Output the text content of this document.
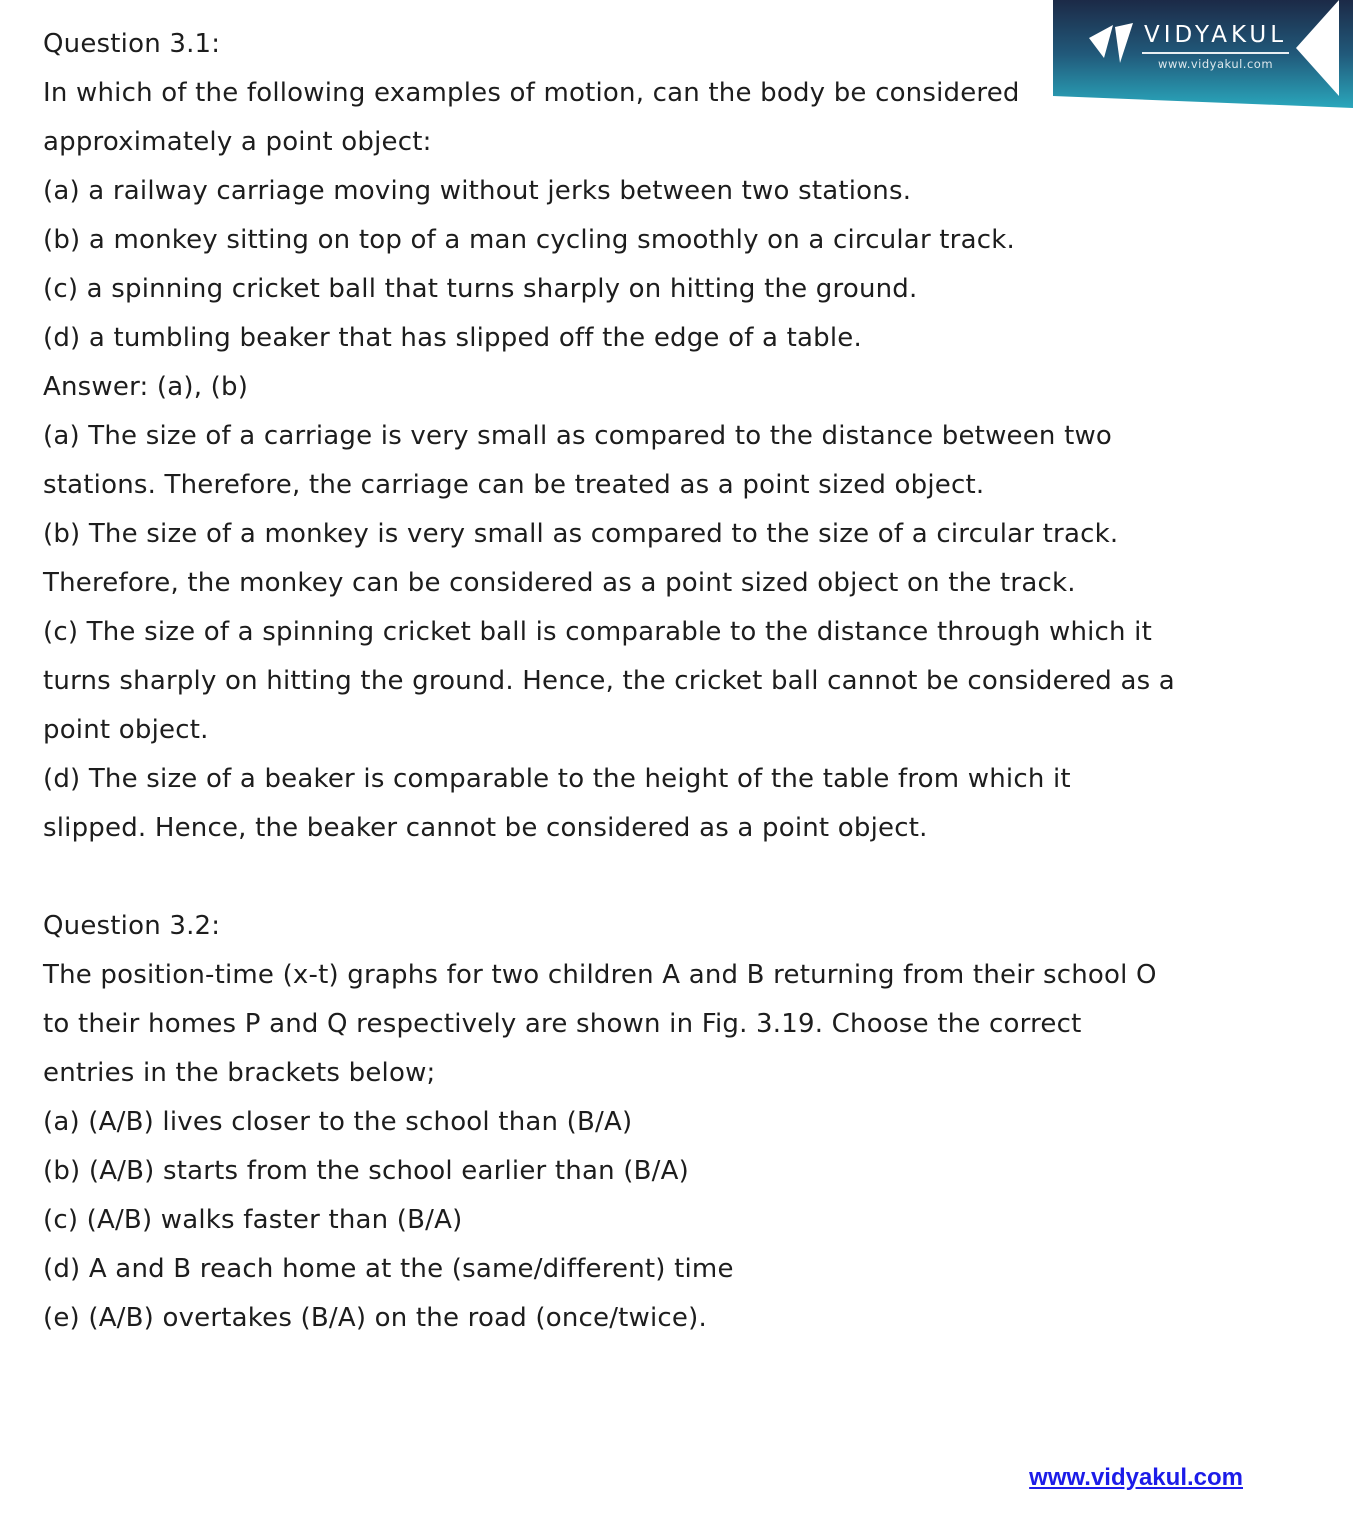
Question 3.1:
In which of the following examples of motion, can the body be considered
approximately a point object:
(a) a railway carriage moving without jerks between two stations.
(b) a monkey sitting on top of a man cycling smoothly on a circular track.
(c) a spinning cricket ball that turns sharply on hitting the ground.
(d) a tumbling beaker that has slipped off the edge of a table.
Answer: (a), (b)
(a) The size of a carriage is very small as compared to the distance between two
stations. Therefore, the carriage can be treated as a point sized object.
(b) The size of a monkey is very small as compared to the size of a circular track.
Therefore, the monkey can be considered as a point sized object on the track.
(c) The size of a spinning cricket ball is comparable to the distance through which it
turns sharply on hitting the ground. Hence, the cricket ball cannot be considered as a
point object.
(d) The size of a beaker is comparable to the height of the table from which it
slipped. Hence, the beaker cannot be considered as a point object.
Question 3.2:
The position-time (x-t) graphs for two children A and B returning from their school O
to their homes P and Q respectively are shown in Fig. 3.19. Choose the correct
entries in the brackets below;
(a) (A/B) lives closer to the school than (B/A)
(b) (A/B) starts from the school earlier than (B/A)
(c) (A/B) walks faster than (B/A)
(d) A and B reach home at the (same/different) time
(e) (A/B) overtakes (B/A) on the road (once/twice).
VIDYAKUL
www.vidyakul.com
www.vidyakul.com
